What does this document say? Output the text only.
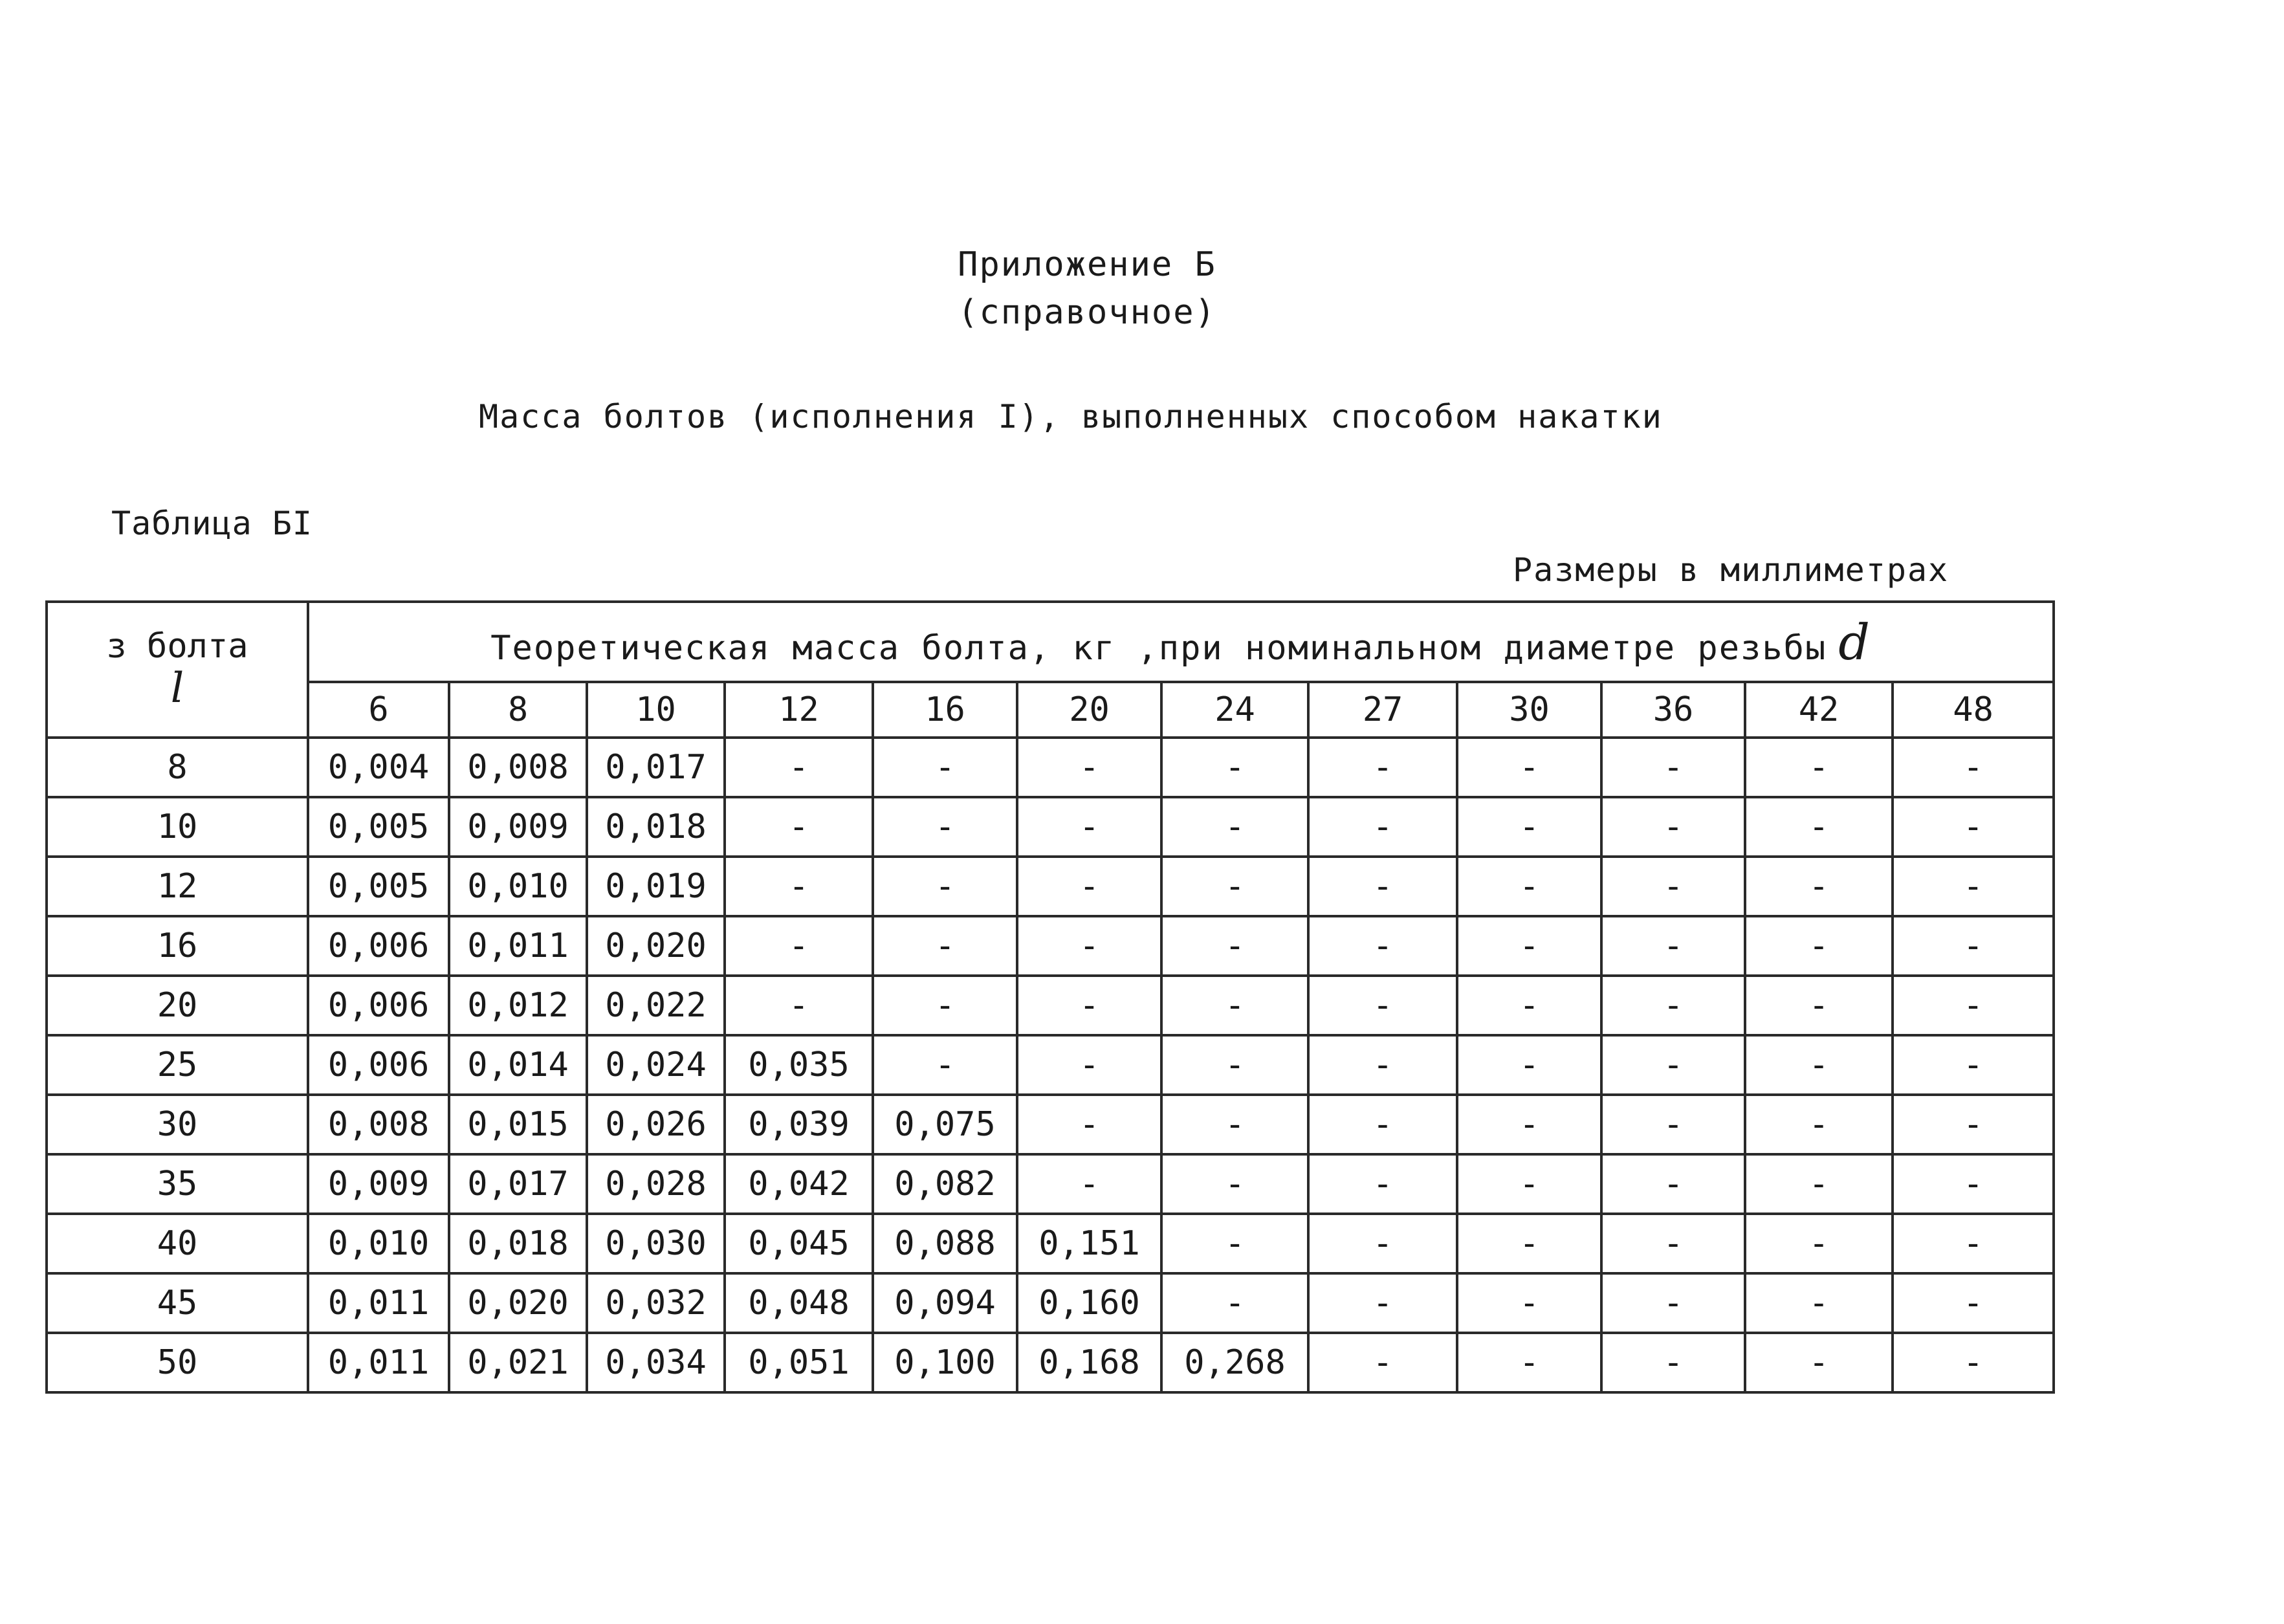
Приложение Б
(справочное)
Масса болтов (исполнения I), выполненных способом накатки
Таблица БI
Размеры в миллиметрах
з болта
l	Теоретическая масса болта, кг ,при номинальном диаметре резьбы d											
	6	8	10	12	16	20	24	27	30	36	42	48
8	0,004	0,008	0,017	-	-	-	-	-	-	-	-	-
10	0,005	0,009	0,018	-	-	-	-	-	-	-	-	-
12	0,005	0,010	0,019	-	-	-	-	-	-	-	-	-
16	0,006	0,011	0,020	-	-	-	-	-	-	-	-	-
20	0,006	0,012	0,022	-	-	-	-	-	-	-	-	-
25	0,006	0,014	0,024	0,035	-	-	-	-	-	-	-	-
30	0,008	0,015	0,026	0,039	0,075	-	-	-	-	-	-	-
35	0,009	0,017	0,028	0,042	0,082	-	-	-	-	-	-	-
40	0,010	0,018	0,030	0,045	0,088	0,151	-	-	-	-	-	-
45	0,011	0,020	0,032	0,048	0,094	0,160	-	-	-	-	-	-
50	0,011	0,021	0,034	0,051	0,100	0,168	0,268	-	-	-	-	-
